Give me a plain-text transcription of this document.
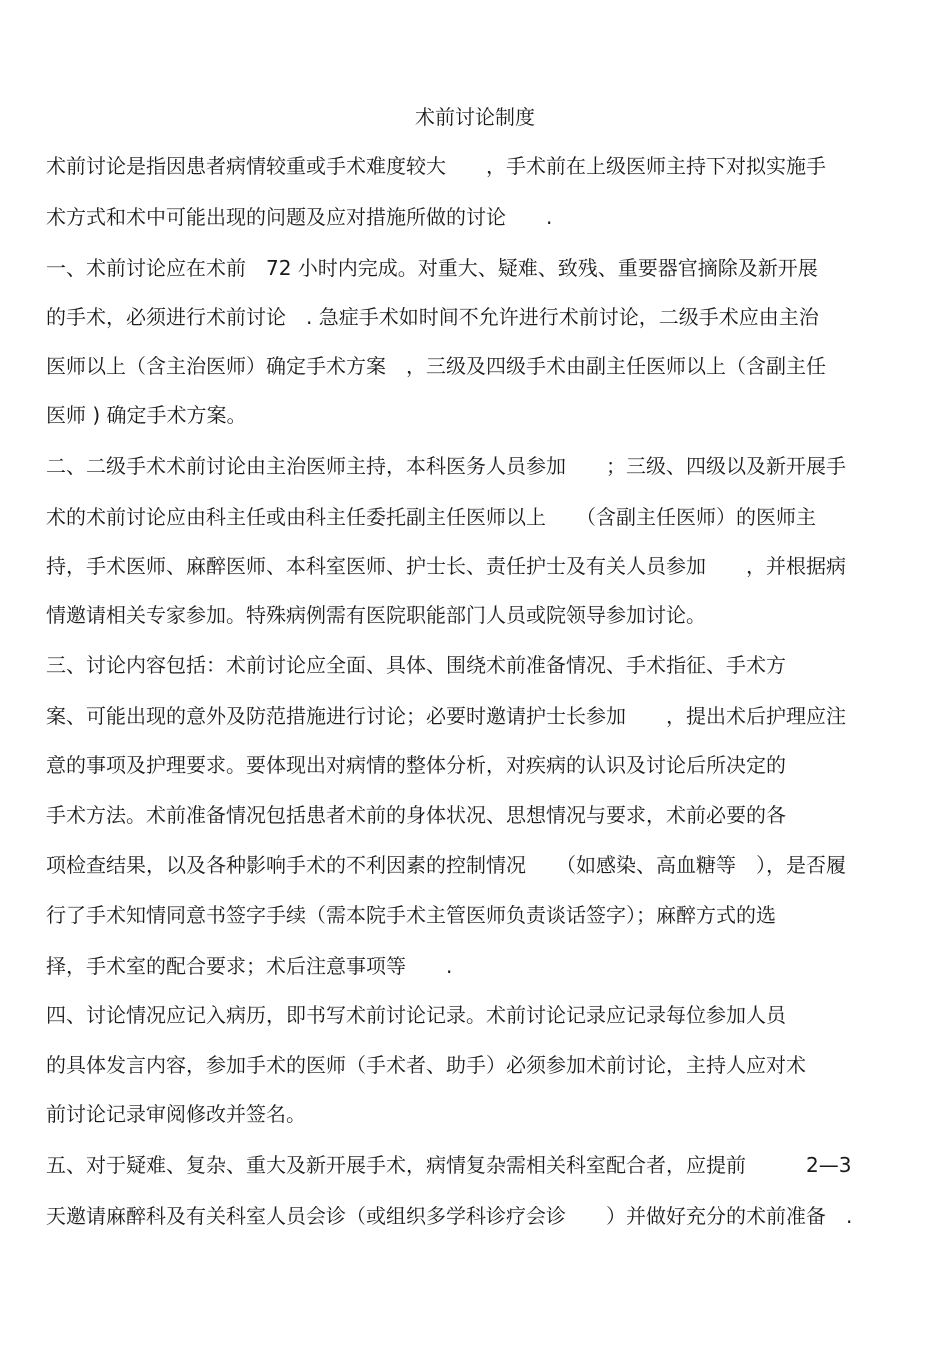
术前讨论制度
术前讨论是指因患者病情较重或手术难度较大　　，手术前在上级医师主持下对拟实施手
术方式和术中可能出现的问题及应对措施所做的讨论　　.
一、术前讨论应在术前　72 小时内完成。对重大、疑难、致残、重要器官摘除及新开展
的手术，必须进行术前讨论　. 急症手术如时间不允许进行术前讨论，二级手术应由主治
医师以上（含主治医师）确定手术方案　，三级及四级手术由副主任医师以上（含副主任
医师 ) 确定手术方案。
二、二级手术术前讨论由主治医师主持，本科医务人员参加　　；三级、四级以及新开展手
术的术前讨论应由科主任或由科主任委托副主任医师以上　　（含副主任医师）的医师主
持，手术医师、麻醉医师、本科室医师、护士长、责任护士及有关人员参加　　，并根据病
情邀请相关专家参加。特殊病例需有医院职能部门人员或院领导参加讨论。
三、讨论内容包括：术前讨论应全面、具体、围绕术前准备情况、手术指征、手术方
案、可能出现的意外及防范措施进行讨论；必要时邀请护士长参加　　，提出术后护理应注
意的事项及护理要求。要体现出对病情的整体分析，对疾病的认识及讨论后所决定的
手术方法。术前准备情况包括患者术前的身体状况、思想情况与要求，术前必要的各
项检查结果，以及各种影响手术的不利因素的控制情况　　（如感染、高血糖等　），是否履
行了手术知情同意书签字手续（需本院手术主管医师负责谈话签字）；麻醉方式的选
择，手术室的配合要求；术后注意事项等　　.
四、讨论情况应记入病历，即书写术前讨论记录。术前讨论记录应记录每位参加人员
的具体发言内容，参加手术的医师（手术者、助手）必须参加术前讨论，主持人应对术
前讨论记录审阅修改并签名。
五、对于疑难、复杂、重大及新开展手术，病情复杂需相关科室配合者，应提前　　　2—3
天邀请麻醉科及有关科室人员会诊（或组织多学科诊疗会诊　　）并做好充分的术前准备　.
